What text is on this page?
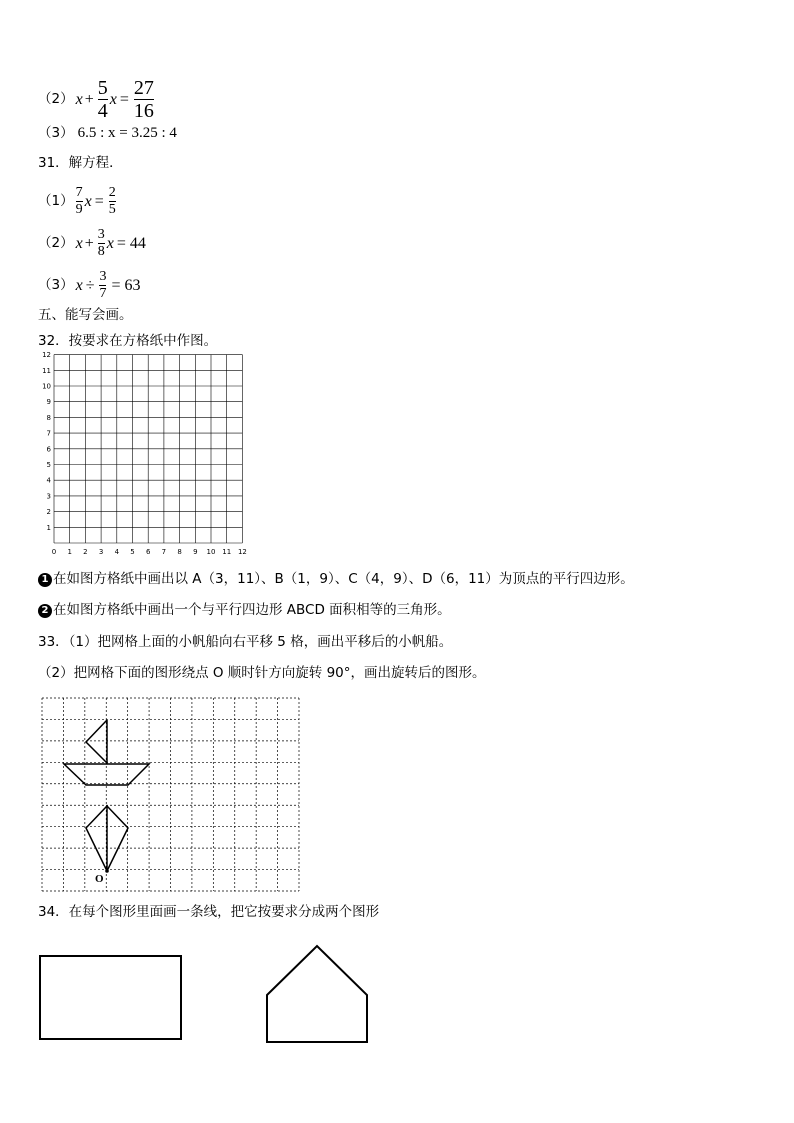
（2） $x + \frac{5}{4}$ $x = \frac{27}{16}$
（3） 6.5 : x = 3.25 : 4
31．解方程．
$(1) \frac{7}{9}$ $x = \frac{2}{5}$
（2） $x + \frac{3}{8}$ x = 44
（3） $x \div \frac{3}{7} = 63$
五、能写会画。
32．按要求在方格纸中作图。
0 1
1
2
2
3
3
4
4
5
5
6
6
7
7
8
8
9
9
10
10
11
11
12
12
1 在如图方格纸中画出以 A（3，11）、B（1，9）、C（4，9）、D（6，11）为顶点的平行四边形。
2 在如图方格纸中画出一个与平行四边形 ABCD 面积相等的三角形。
33．（1）把网格上面的小帆船向右平移 5 格，画出平移后的小帆船。
（2）把网格下面的图形绕点 O 顺时针方向旋转 90°，画出旋转后的图形。
O
34．在每个图形里面画一条线，把它按要求分成两个图形
